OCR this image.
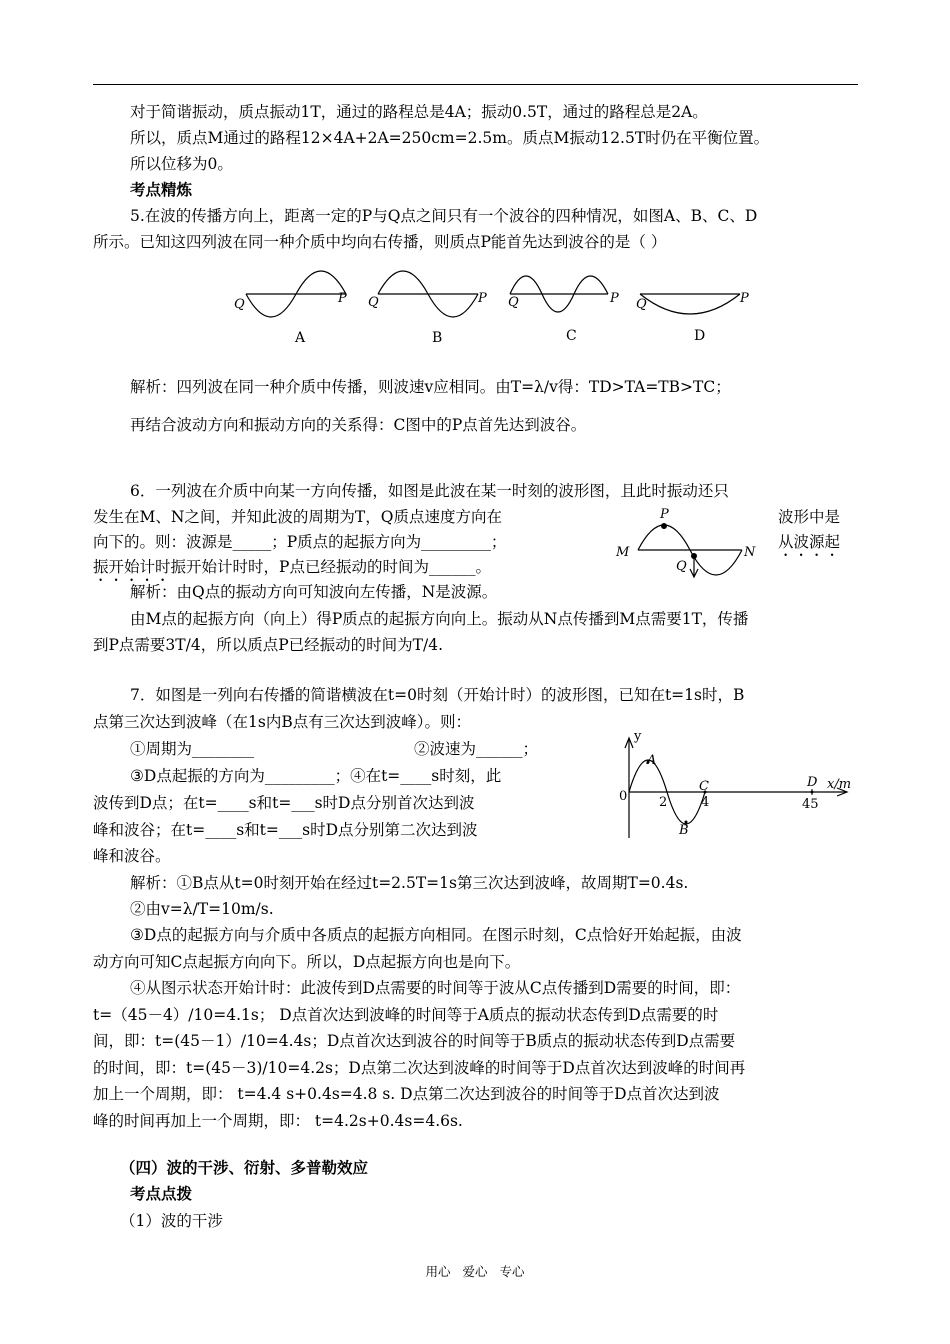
对于简谐振动，质点振动1T，通过的路程总是4A；振动0.5T，通过的路程总是2A。
所以，质点M通过的路程12×4A+2A=250cm=2.5m。质点M振动12.5T时仍在平衡位置。
所以位移为0。
考点精炼
5.在波的传播方向上，距离一定的P与Q点之间只有一个波谷的四种情况，如图A、B、C、D
所示。已知这四列波在同一种介质中均向右传播，则质点P能首先达到波谷的是（ ）
Q	P Q	P Q	P Q	P
A	B	C	D
解析：四列波在同一种介质中传播，则波速v应相同。由T=λ/v得：TD>TA=TB>TC；
再结合波动方向和振动方向的关系得：C图中的P点首先达到波谷。
6．一列波在介质中向某一方向传播，如图是此波在某一时刻的波形图，且此时振动还只
发生在M、N之间，并知此波的周期为T，Q质点速度方向在	波形中是
向下的。则：波源是_____；P质点的起振方向为_________；	从波源起
振开始计时振开始计时时，P点已经振动的时间为______。
P
M
Q
N
解析：由Q点的振动方向可知波向左传播，N是波源。
由M点的起振方向（向上）得P质点的起振方向向上。振动从N点传播到M点需要1T，传播
到P点需要3T/4，所以质点P已经振动的时间为T/4.
7．如图是一列向右传播的简谐横波在t=0时刻（开始计时）的波形图，已知在t=1s时，B
点第三次达到波峰（在1s内B点有三次达到波峰）。则：
①周期为________	②波速为______；
③D点起振的方向为_________；④在t=____s时刻，此
波传到D点；在t=____s和t=___s时D点分别首次达到波
峰和波谷；在t=____s和t=___s时D点分别第二次达到波
峰和波谷。
y
x/m
0 2	4	45
A
B
C	D
解析：①B点从t=0时刻开始在经过t=2.5T=1s第三次达到波峰，故周期T=0.4s.
②由v=λ/T=10m/s.
③D点的起振方向与介质中各质点的起振方向相同。在图示时刻，C点恰好开始起振，由波
动方向可知C点起振方向向下。所以，D点起振方向也是向下。
④从图示状态开始计时：此波传到D点需要的时间等于波从C点传播到D需要的时间，即：
t=（45－4）/10=4.1s； D点首次达到波峰的时间等于A质点的振动状态传到D点需要的时
间，即：t=(45－1）/10=4.4s；D点首次达到波谷的时间等于B质点的振动状态传到D点需要
的时间，即：t=(45－3)/10=4.2s；D点第二次达到波峰的时间等于D点首次达到波峰的时间再
加上一个周期，即： t=4.4 s+0.4s=4.8 s. D点第二次达到波谷的时间等于D点首次达到波
峰的时间再加上一个周期，即： t=4.2s+0.4s=4.6s.
（四）波的干涉、衍射、多普勒效应
考点点拨
（1）波的干涉
用心 爱心 专心
